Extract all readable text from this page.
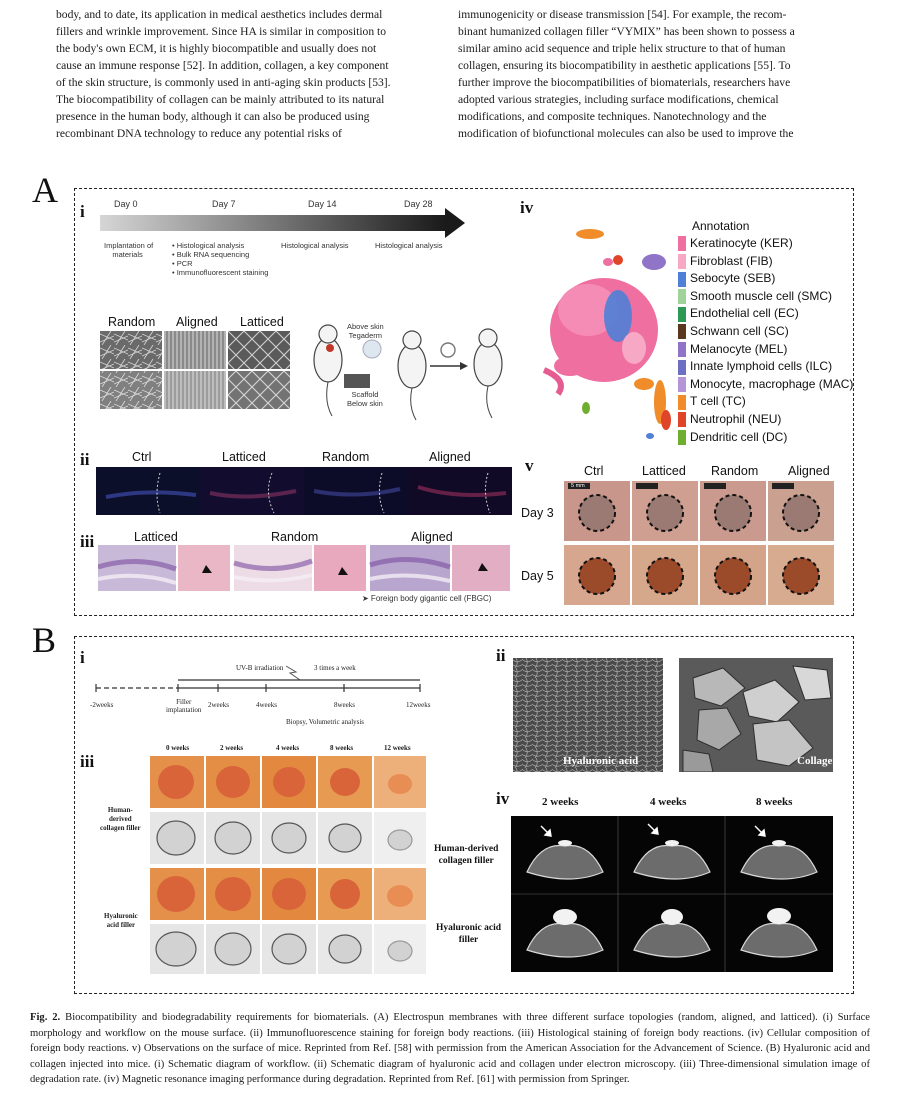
body, and to date, its application in medical aesthetics includes dermal
fillers and wrinkle improvement. Since HA is similar in composition to
the body's own ECM, it is highly biocompatible and usually does not
cause an immune response [52]. In addition, collagen, a key component
of the skin structure, is commonly used in anti-aging skin products [53].
The biocompatibility of collagen can be mainly attributed to its natural
presence in the human body, although it can also be produced using
recombinant DNA technology to reduce any potential risks of
immunogenicity or disease transmission [54]. For example, the recom-
binant humanized collagen filler “VYMIX” has been shown to possess a
similar amino acid sequence and triple helix structure to that of human
collagen, ensuring its biocompatibility in aesthetic applications [55]. To
further improve the biocompatibilities of biomaterials, researchers have
adopted various strategies, including surface modifications, chemical
modifications, and composite techniques. Nanotechnology and the
modification of biofunctional molecules can also be used to improve the
A
i	Day 0	Day 7	Day 14	Day 28
Implantation of
materials
• Histological analysis
• Bulk RNA sequencing
• PCR
• Immunofluorescent staining
Histological analysis	Histological analysis
Random Aligned Latticed	Above skin
Tegaderm
Scaffold
Below skin
ii	Ctrl	Latticed	Random	Aligned
iii	Latticed	Random	Aligned
➤ Foreign body gigantic cell (FBGC)
iv
Annotation
Keratinocyte (KER)
Fibroblast (FIB)
Sebocyte (SEB)
Smooth muscle cell (SMC)
Endothelial cell (EC)
Schwann cell (SC)
Melanocyte (MEL)
Innate lymphoid cells (ILC)
Monocyte, macrophage (MAC)
T cell (TC)
Neutrophil (NEU)
Dendritic cell (DC)
v	Ctrl	Latticed Random Aligned
Day 3
Day 5
5 mm
B i
UV-B irradiation	3 times a week
-2weeks	Filler
implantation
2weeks	4weeks	8weeks	12weeks
Biopsy, Volumetric analysis
ii
Hyaluronic acid	Collagen
iii
0 weeks	2 weeks	4 weeks	8 weeks	12 weeks
Human-
derived
collagen filler
Hyaluronic
acid filler
iv	2 weeks	4 weeks	8 weeks
Human-derived
collagen filler
Hyaluronic acid
filler
Fig. 2. Biocompatibility and biodegradability requirements for biomaterials. (A) Electrospun membranes with three different surface topologies (random, aligned, and latticed). (i) Surface morphology and workflow on the mouse surface. (ii) Immunofluorescence staining for foreign body reactions. (iii) Histological staining of foreign body reactions. (iv) Cellular composition of foreign body reactions. v) Observations on the surface of mice. Reprinted from Ref. [58] with permission from the American Association for the Advancement of Science. (B) Hyaluronic acid and collagen injected into mice. (i) Schematic diagram of workflow. (ii) Schematic diagram of hyaluronic acid and collagen under electron microscopy. (iii) Three-dimensional simulation image of degradation rate. (iv) Magnetic resonance imaging performance during degradation. Reprinted from Ref. [61] with permission from Springer.
